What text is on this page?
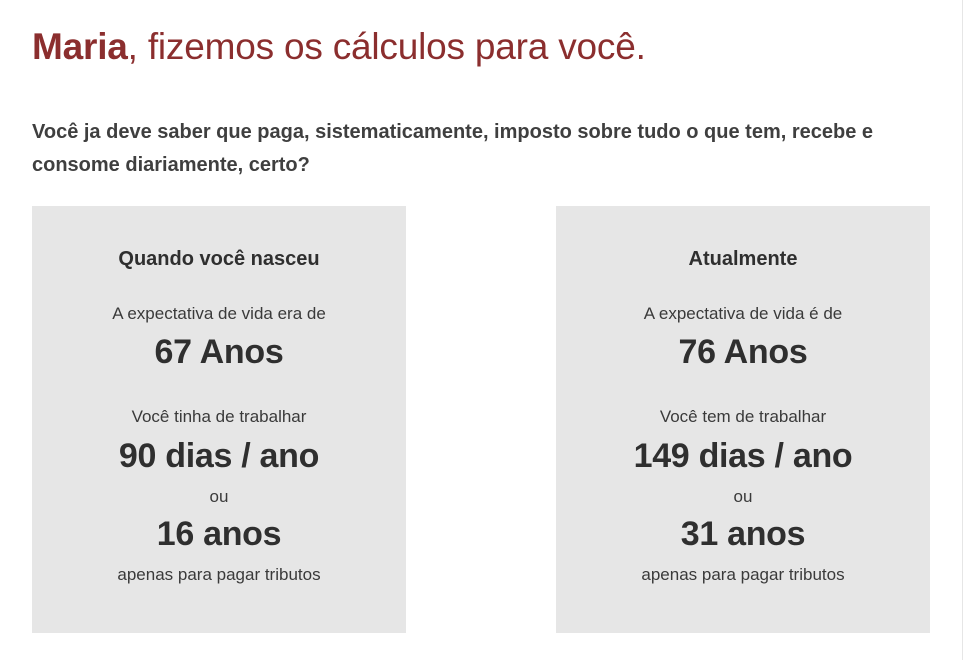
Maria, fizemos os cálculos para você.

Você ja deve saber que paga, sistematicamente, imposto sobre tudo o que tem, recebe e consome diariamente, certo?

Quando você nasceu
A expectativa de vida era de
67 Anos
Você tinha de trabalhar
90 dias / ano
ou
16 anos
apenas para pagar tributos
Atualmente
A expectativa de vida é de
76 Anos
Você tem de trabalhar
149 dias / ano
ou
31 anos
apenas para pagar tributos
